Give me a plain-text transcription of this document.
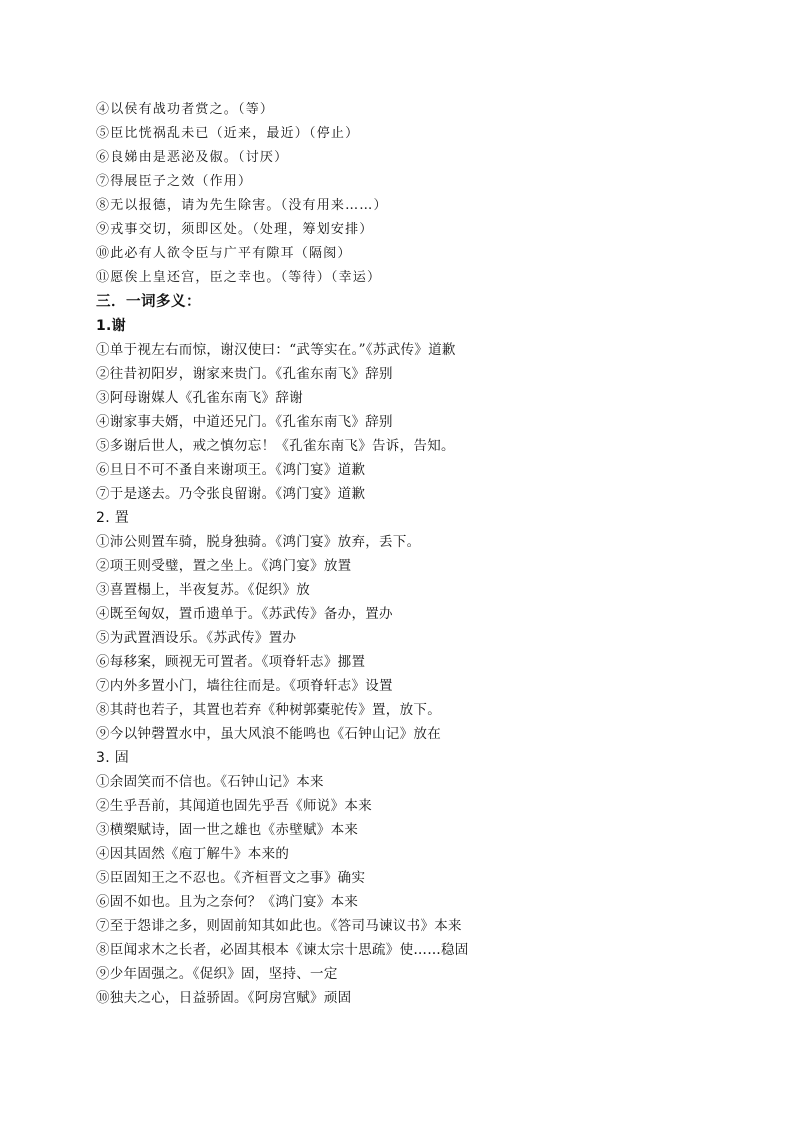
④以侯有战功者赏之。（等）
⑤臣比恍祸乱未已（近来，最近）（停止）
⑥良娣由是恶泌及俶。（讨厌）
⑦得展臣子之效（作用）
⑧无以报德，请为先生除害。（没有用来……）
⑨戎事交切，须即区处。（处理，筹划安排）
⑩此必有人欲令臣与广平有隙耳（隔阂）
⑪愿俟上皇还宫，臣之幸也。（等待）（幸运）
三．一词多义：
1.谢
①单于视左右而惊，谢汉使曰：“武等实在。”《苏武传》道歉
②往昔初阳岁，谢家来贵门。《孔雀东南飞》辞别
③阿母谢媒人《孔雀东南飞》辞谢
④谢家事夫婿，中道还兄门。《孔雀东南飞》辞别
⑤多谢后世人，戒之慎勿忘！《孔雀东南飞》告诉，告知。
⑥旦日不可不蚤自来谢项王。《鸿门宴》道歉
⑦于是遂去。乃令张良留谢。《鸿门宴》道歉
2. 置
①沛公则置车骑，脱身独骑。《鸿门宴》放弃，丢下。
②项王则受璧，置之坐上。《鸿门宴》放置
③喜置榻上，半夜复苏。《促织》放
④既至匈奴，置币遗单于。《苏武传》备办，置办
⑤为武置酒设乐。《苏武传》置办
⑥每移案，顾视无可置者。《项脊轩志》挪置
⑦内外多置小门，墙往往而是。《项脊轩志》设置
⑧其莳也若子，其置也若弃《种树郭橐驼传》置，放下。
⑨今以钟磬置水中，虽大风浪不能鸣也《石钟山记》放在
3. 固
①余固笑而不信也。《石钟山记》本来
②生乎吾前，其闻道也固先乎吾《师说》本来
③横槊赋诗，固一世之雄也《赤壁赋》本来
④因其固然《庖丁解牛》本来的
⑤臣固知王之不忍也。《齐桓晋文之事》确实
⑥固不如也。且为之奈何？《鸿门宴》本来
⑦至于怨诽之多，则固前知其如此也。《答司马谏议书》本来
⑧臣闻求木之长者，必固其根本《谏太宗十思疏》使……稳固
⑨少年固强之。《促织》固，坚持、一定
⑩独夫之心，日益骄固。《阿房宫赋》顽固
